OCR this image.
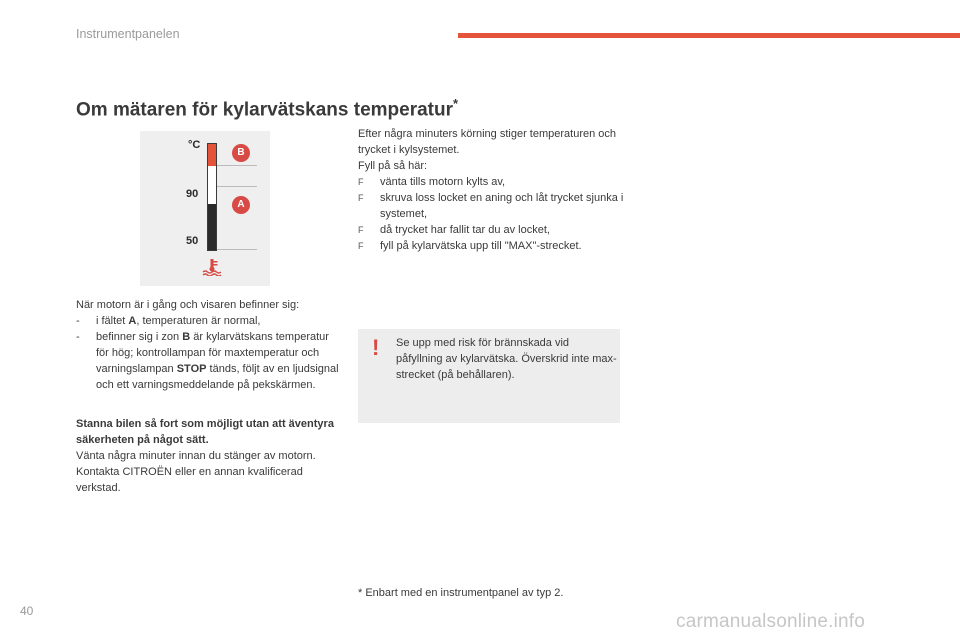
Instrumentpanelen
Om mätaren för kylarvätskans temperatur*
°C
90
50
B
A
När motorn är i gång och visaren befinner sig:
-	i fältet A, temperaturen är normal,
-	befinner sig i zon B är kylarvätskans temperatur för hög; kontrollampan för maxtemperatur och varningslampan STOP tänds, följt av en ljudsignal och ett varningsmeddelande på pekskärmen.
Stanna bilen så fort som möjligt utan att äventyra säkerheten på något sätt.
Vänta några minuter innan du stänger av motorn.
Kontakta CITROËN eller en annan kvalificerad verkstad.
Efter några minuters körning stiger temperaturen och trycket i kylsystemet.
Fyll på så här:
F	vänta tills motorn kylts av,
F	skruva loss locket en aning och låt trycket sjunka i systemet,
F	då trycket har fallit tar du av locket,
F	fyll på kylarvätska upp till "MAX"-strecket.
! Se upp med risk för brännskada vid påfyllning av kylarvätska. Överskrid inte max-strecket (på behållaren).
* Enbart med en instrumentpanel av typ 2.
40	carmanualsonline.info
